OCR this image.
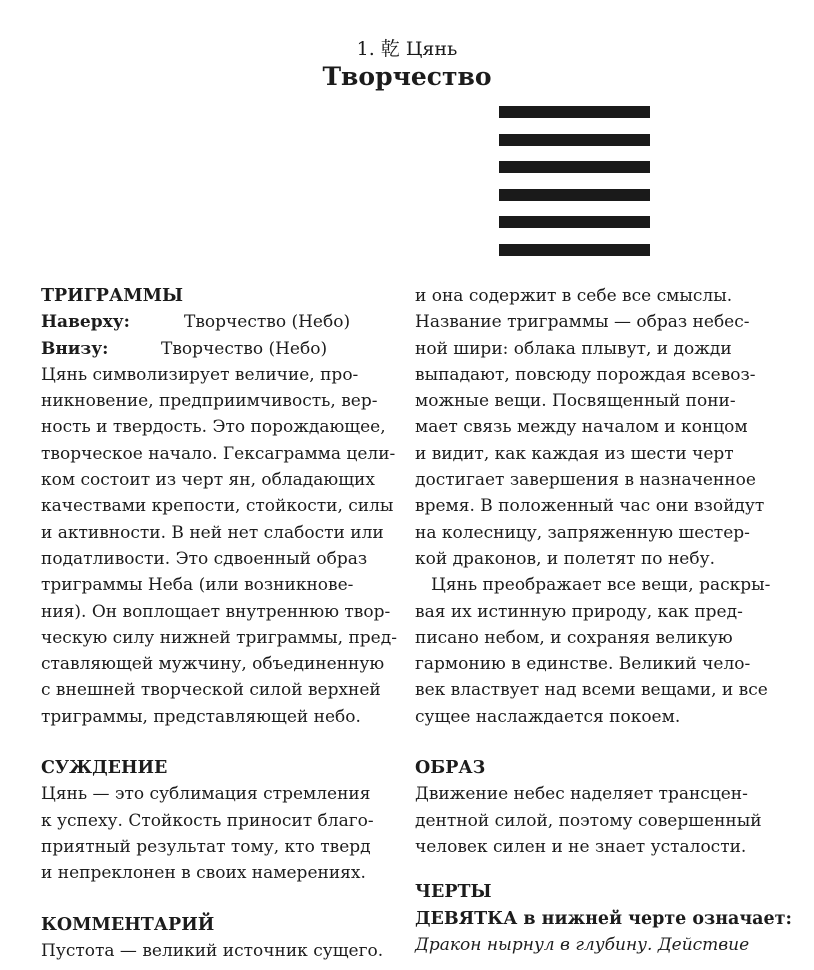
1. 乾 Цянь
Творчество
ТРИГРАММЫ
Наверху:	Творчество (Небо)
Внизу:	Творчество (Небо)
Цянь символизирует величие, про-
никновение, предприимчивость, вер-
ность и твердость. Это порождающее,
творческое начало. Гексаграмма цели-
ком состоит из черт ян, обладающих
качествами крепости, стойкости, силы
и активности. В ней нет слабости или
податливости. Это сдвоенный образ
триграммы Неба (или возникнове-
ния). Он воплощает внутреннюю твор-
ческую силу нижней триграммы, пред-
ставляющей мужчину, объединенную
с внешней творческой силой верхней
триграммы, представляющей небо.
СУЖДЕНИЕ
Цянь — это сублимация стремления
к успеху. Стойкость приносит благо-
приятный результат тому, кто тверд
и непреклонен в своих намерениях.
КОММЕНТАРИЙ
Пустота — великий источник сущего.
и она содержит в себе все смыслы.
Название триграммы — образ небес-
ной шири: облака плывут, и дожди
выпадают, повсюду порождая всевоз-
можные вещи. Посвященный пони-
мает связь между началом и концом
и видит, как каждая из шести черт
достигает завершения в назначенное
время. В положенный час они взойдут
на колесницу, запряженную шестер-
кой драконов, и полетят по небу.
Цянь преображает все вещи, раскры-
вая их истинную природу, как пред-
писано небом, и сохраняя великую
гармонию в единстве. Великий чело-
век властвует над всеми вещами, и все
сущее наслаждается покоем.
ОБРАЗ
Движение небес наделяет трансцен-
дентной силой, поэтому совершенный
человек силен и не знает усталости.
ЧЕРТЫ
ДЕВЯТКА в нижней черте означает:
Дракон нырнул в глубину. Действие
